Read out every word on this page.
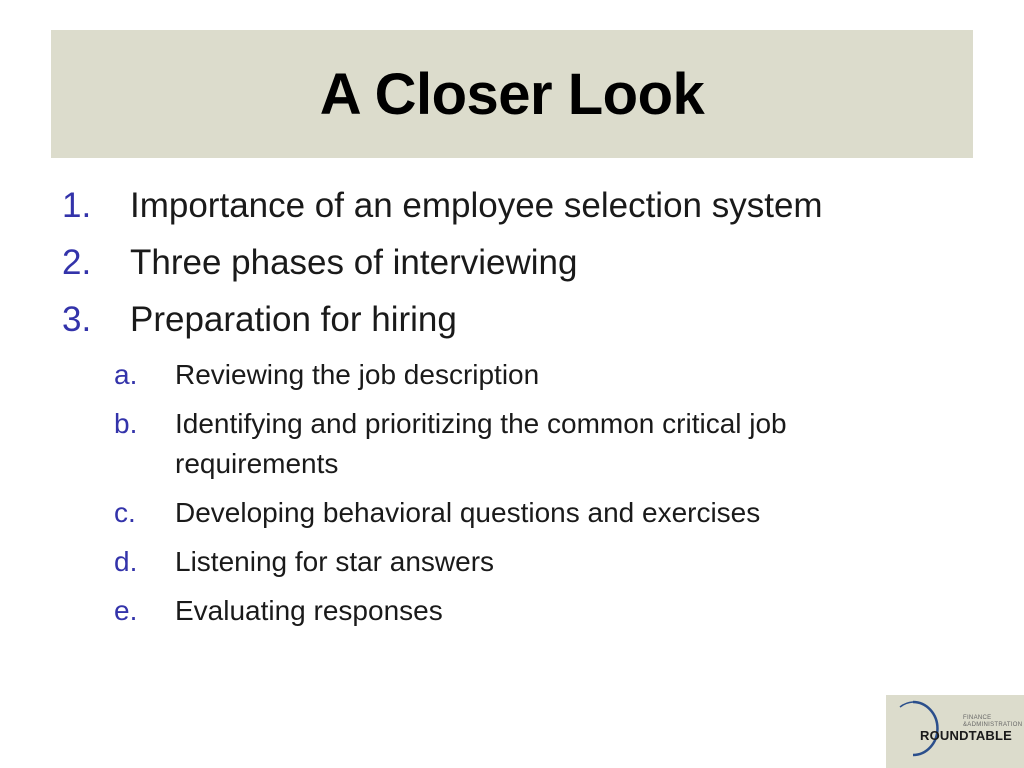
A Closer Look
1.	Importance of an employee selection system
2.	Three phases of interviewing
3.	Preparation for hiring
a.	Reviewing the job description
b.	Identifying and prioritizing the common critical job requirements
c.	Developing behavioral questions and exercises
d.	Listening for star answers
e.	Evaluating responses
FINANCE
&ADMINISTRATION
ROUNDTABLE
